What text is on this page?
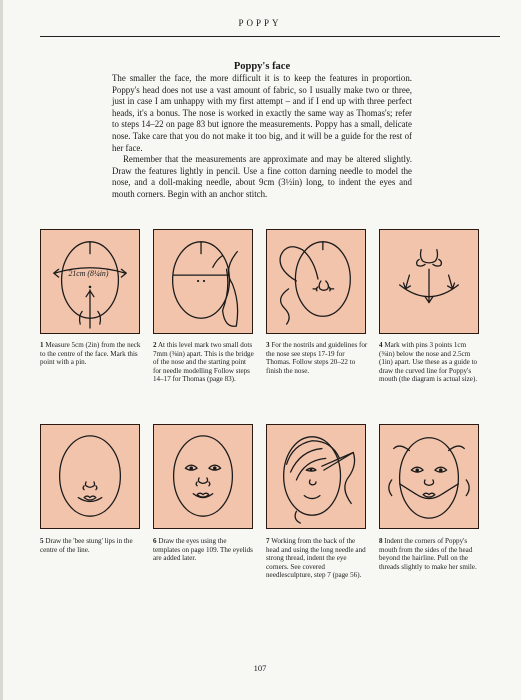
POPPY
Poppy's face

The smaller the face, the more difficult it is to keep the features in proportion. Poppy's head does not use a vast amount of fabric, so I usually make two or three, just in case I am unhappy with my first attempt – and if I end up with three perfect heads, it's a bonus. The nose is worked in exactly the same way as Thomas's; refer to steps 14–22 on page 83 but ignore the measurements. Poppy has a small, delicate nose. Take care that you do not make it too big, and it will be a guide for the rest of her face.

Remember that the measurements are approximate and may be altered slightly. Draw the features lightly in pencil. Use a fine cotton darning needle to model the nose, and a doll-making needle, about 9cm (3½in) long, to indent the eyes and mouth corners. Begin with an anchor stitch.

21cm (8¼in)
1 Measure 5cm (2in) from the neck to the centre of the face. Mark this point with a pin.
2 At this level mark two small dots 7mm (⅜in) apart. This is the bridge of the nose and the starting point for needle modelling Follow steps 14–17 for Thomas (page 83).
3 For the nostrils and guidelines for the nose see steps 17-19 for Thomas. Follow steps 20–22 to finish the nose.
4 Mark with pins 3 points 1cm (⅜in) below the nose and 2.5cm (1in) apart. Use these as a guide to draw the curved line for Poppy's mouth (the diagram is actual size).
5 Draw the 'bee stung' lips in the centre of the line.
6 Draw the eyes using the templates on page 109. The eyelids are added later.
7 Working from the back of the head and using the long needle and strong thread, indent the eye corners. See covered needlesculpture, step 7 (page 56).
8 Indent the corners of Poppy's mouth from the sides of the head beyond the hairline. Pull on the threads slightly to make her smile.
107
